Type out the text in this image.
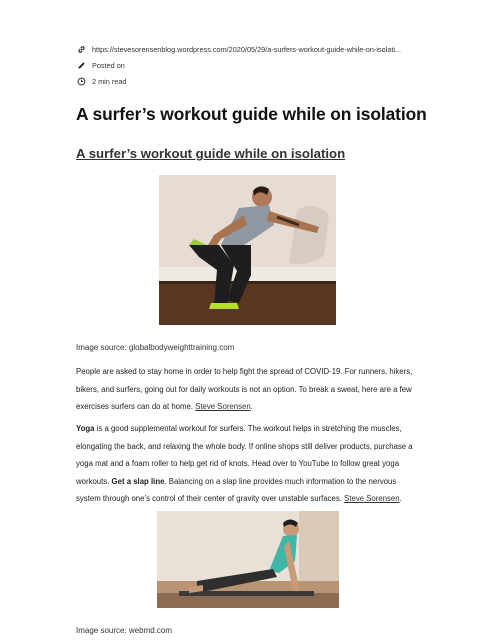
https://stevesorensenblog.wordpress.com/2020/05/29/a-surfers-workout-guide-while-on-isolati...
Posted on
2 min read
A surfer’s workout guide while on isolation
A surfer’s workout guide while on isolation
Image source: globalbodyweighttraining.com
People are asked to stay home in order to help fight the spread of COVID-19. For runners, hikers, bikers, and surfers, going out for daily workouts is not an option. To break a sweat, here are a few exercises surfers can do at home. Steve Sorensen.
Yoga is a good supplemental workout for surfers. The workout helps in stretching the muscles, elongating the back, and relaxing the whole body. If online shops still deliver products, purchase a yoga mat and a foam roller to help get rid of knots. Head over to YouTube to follow great yoga workouts. Get a slap line. Balancing on a slap line provides much information to the nervous system through one’s control of their center of gravity over unstable surfaces. Steve Sorensen.
Image source: webmd.com
